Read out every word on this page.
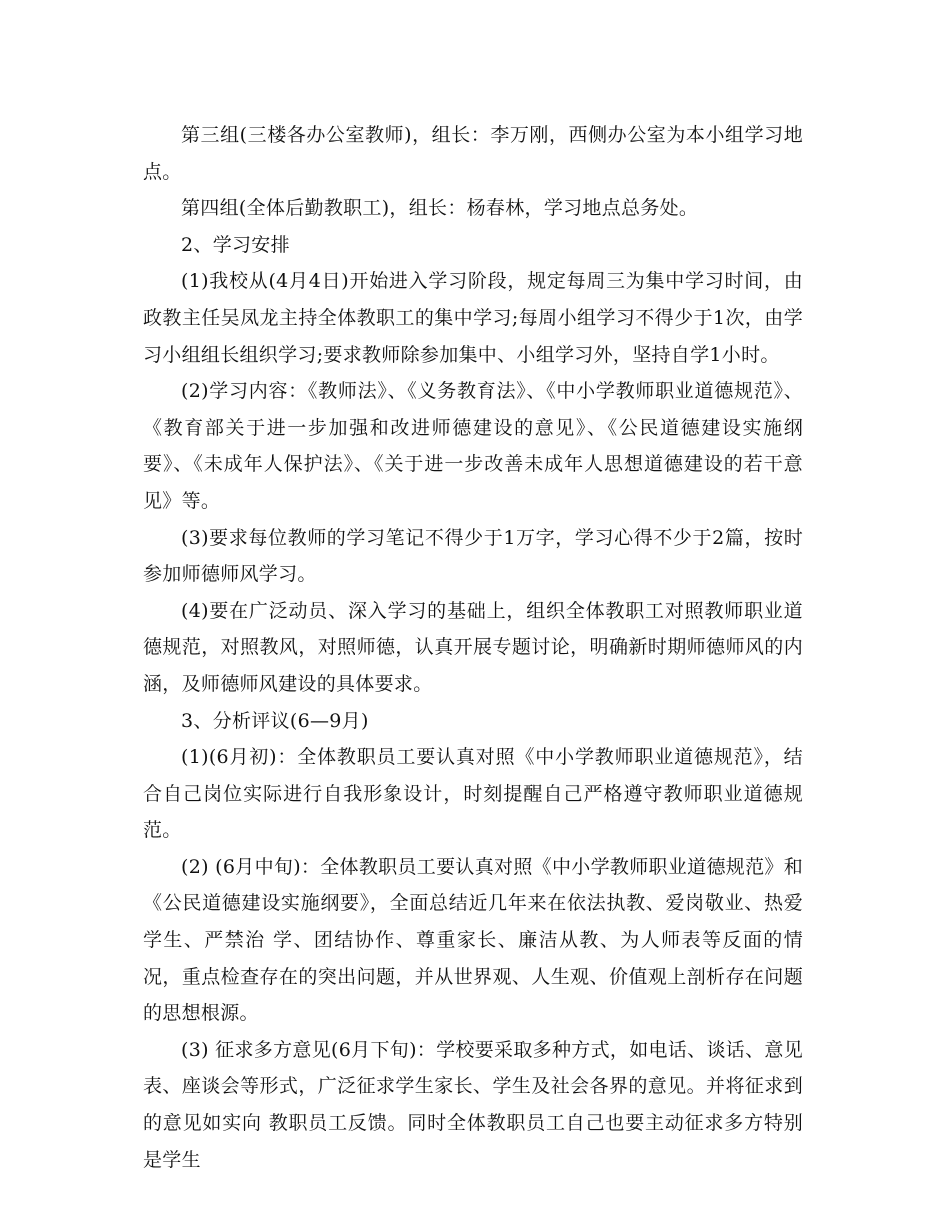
第三组(三楼各办公室教师)，组长：李万刚，西侧办公室为本小组学习地点。

第四组(全体后勤教职工)，组长：杨春林，学习地点总务处。

2、学习安排

(1)我校从(4月4日)开始进入学习阶段，规定每周三为集中学习时间，由政教主任吴凤龙主持全体教职工的集中学习;每周小组学习不得少于1次，由学习小组组长组织学习;要求教师除参加集中、小组学习外，坚持自学1小时。

(2)学习内容：《教师法》、《义务教育法》、《中小学教师职业道德规范》、《教育部关于进一步加强和改进师德建设的意见》、《公民道德建设实施纲要》、《未成年人保护法》、《关于进一步改善未成年人思想道德建设的若干意见》等。

(3)要求每位教师的学习笔记不得少于1万字，学习心得不少于2篇，按时参加师德师风学习。

(4)要在广泛动员、深入学习的基础上，组织全体教职工对照教师职业道德规范，对照教风，对照师德，认真开展专题讨论，明确新时期师德师风的内涵，及师德师风建设的具体要求。

3、分析评议(6—9月)

(1)(6月初)：全体教职员工要认真对照《中小学教师职业道德规范》，结合自己岗位实际进行自我形象设计，时刻提醒自己严格遵守教师职业道德规范。

(2) (6月中旬)：全体教职员工要认真对照《中小学教师职业道德规范》和《公民道德建设实施纲要》，全面总结近几年来在依法执教、爱岗敬业、热爱学生、严禁治 学、团结协作、尊重家长、廉洁从教、为人师表等反面的情况，重点检查存在的突出问题，并从世界观、人生观、价值观上剖析存在问题的思想根源。

(3) 征求多方意见(6月下旬)：学校要采取多种方式，如电话、谈话、意见表、座谈会等形式，广泛征求学生家长、学生及社会各界的意见。并将征求到的意见如实向 教职员工反馈。同时全体教职员工自己也要主动征求多方特别是学生
